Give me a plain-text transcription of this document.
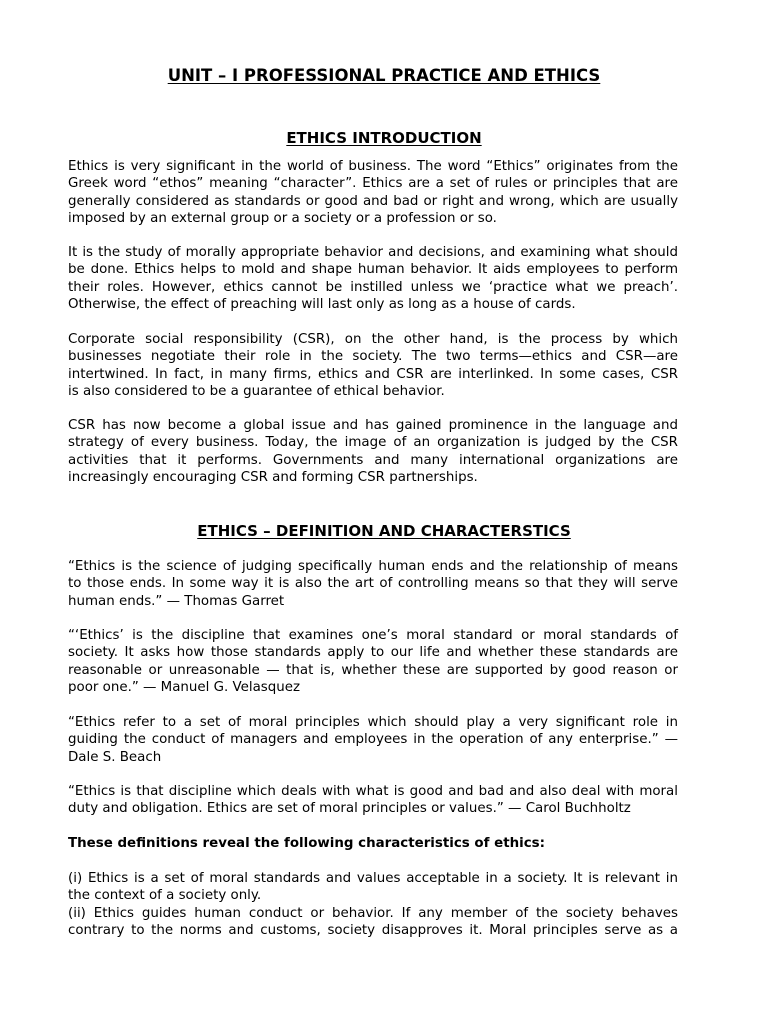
UNIT – I PROFESSIONAL PRACTICE AND ETHICS
ETHICS INTRODUCTION

Ethics is very significant in the world of business. The word “Ethics” originates from the
Greek word “ethos” meaning “character”. Ethics are a set of rules or principles that are
generally considered as standards or good and bad or right and wrong, which are usually
imposed by an external group or a society or a profession or so.

It is the study of morally appropriate behavior and decisions, and examining what should
be done. Ethics helps to mold and shape human behavior. It aids employees to perform
their roles. However, ethics cannot be instilled unless we ‘practice what we preach’.
Otherwise, the effect of preaching will last only as long as a house of cards.

Corporate social responsibility (CSR), on the other hand, is the process by which
businesses negotiate their role in the society. The two terms—ethics and CSR—are
intertwined. In fact, in many firms, ethics and CSR are interlinked. In some cases, CSR
is also considered to be a guarantee of ethical behavior.

CSR has now become a global issue and has gained prominence in the language and
strategy of every business. Today, the image of an organization is judged by the CSR
activities that it performs. Governments and many international organizations are
increasingly encouraging CSR and forming CSR partnerships.

ETHICS – DEFINITION AND CHARACTERSTICS

“Ethics is the science of judging specifically human ends and the relationship of means
to those ends. In some way it is also the art of controlling means so that they will serve
human ends.” — Thomas Garret

“‘Ethics’ is the discipline that examines one’s moral standard or moral standards of
society. It asks how those standards apply to our life and whether these standards are
reasonable or unreasonable — that is, whether these are supported by good reason or
poor one.” — Manuel G. Velasquez

“Ethics refer to a set of moral principles which should play a very significant role in
guiding the conduct of managers and employees in the operation of any enterprise.” —
Dale S. Beach

“Ethics is that discipline which deals with what is good and bad and also deal with moral
duty and obligation. Ethics are set of moral principles or values.” — Carol Buchholtz

These definitions reveal the following characteristics of ethics:

(i) Ethics is a set of moral standards and values acceptable in a society. It is relevant in
the context of a society only.
(ii) Ethics guides human conduct or behavior. If any member of the society behaves
contrary to the norms and customs, society disapproves it. Moral principles serve as a
